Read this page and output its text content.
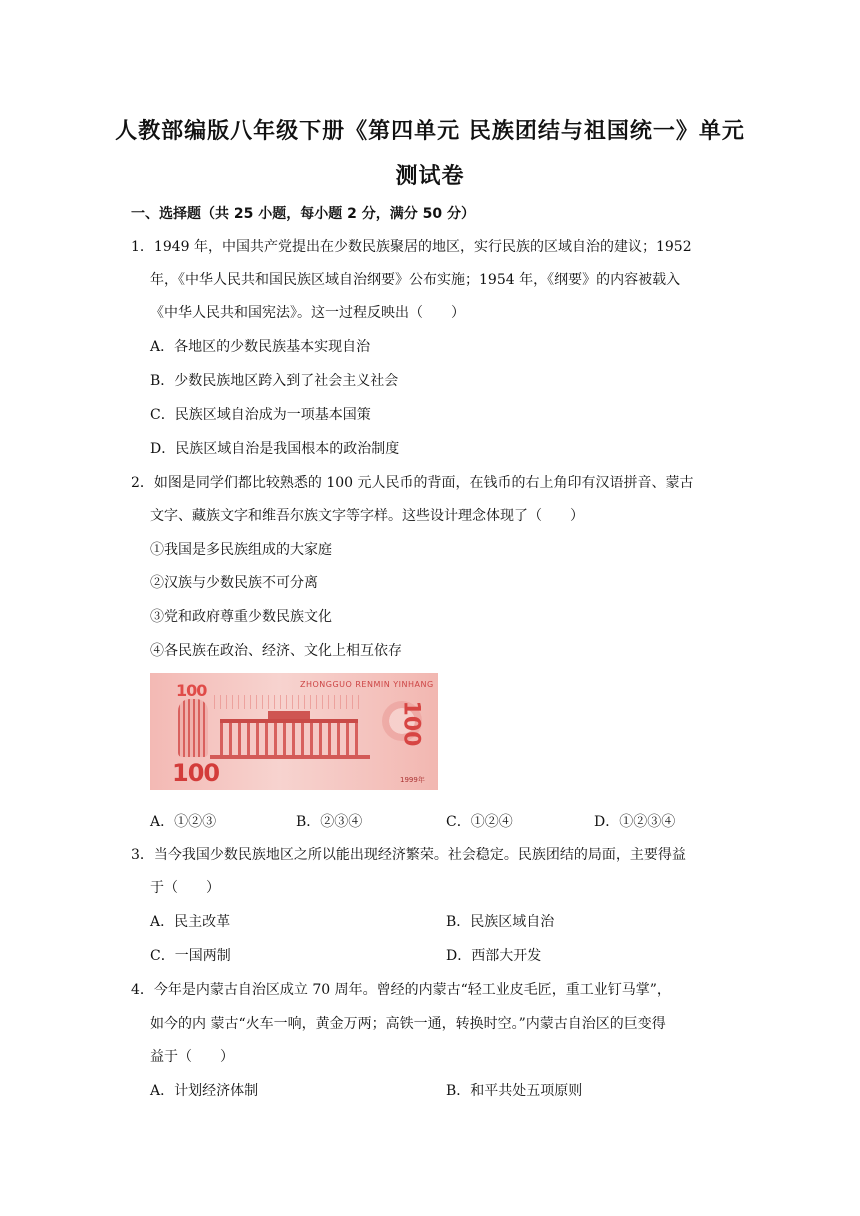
人教部编版八年级下册《第四单元 民族团结与祖国统一》单元
测试卷
一、选择题（共 25 小题，每小题 2 分，满分 50 分）
1．1949 年，中国共产党提出在少数民族聚居的地区，实行民族的区域自治的建议；1952
年，《中华人民共和国民族区域自治纲要》公布实施；1954 年，《纲要》的内容被载入
《中华人民共和国宪法》。这一过程反映出（　　）
A．各地区的少数民族基本实现自治
B．少数民族地区跨入到了社会主义社会
C．民族区域自治成为一项基本国策
D．民族区域自治是我国根本的政治制度
2．如图是同学们都比较熟悉的 100 元人民币的背面，在钱币的右上角印有汉语拼音、蒙古
文字、藏族文字和维吾尔族文字等字样。这些设计理念体现了（　　）
①我国是多民族组成的大家庭
②汉族与少数民族不可分离
③党和政府尊重少数民族文化
④各民族在政治、经济、文化上相互依存
100	ZHONGGUO RENMIN YINHANG
100
100
1999年
A．①②③	B．②③④	C．①②④	D．①②③④
3．当今我国少数民族地区之所以能出现经济繁荣。社会稳定。民族团结的局面，主要得益
于（　　）
A．民主改革	B．民族区域自治
C．一国两制	D．西部大开发
4．今年是内蒙古自治区成立 70 周年。曾经的内蒙古“轻工业皮毛匠，重工业钉马掌”，
如今的内 蒙古“火车一响，黄金万两；高铁一通，转换时空。”内蒙古自治区的巨变得
益于（　　）
A．计划经济体制	B．和平共处五项原则
